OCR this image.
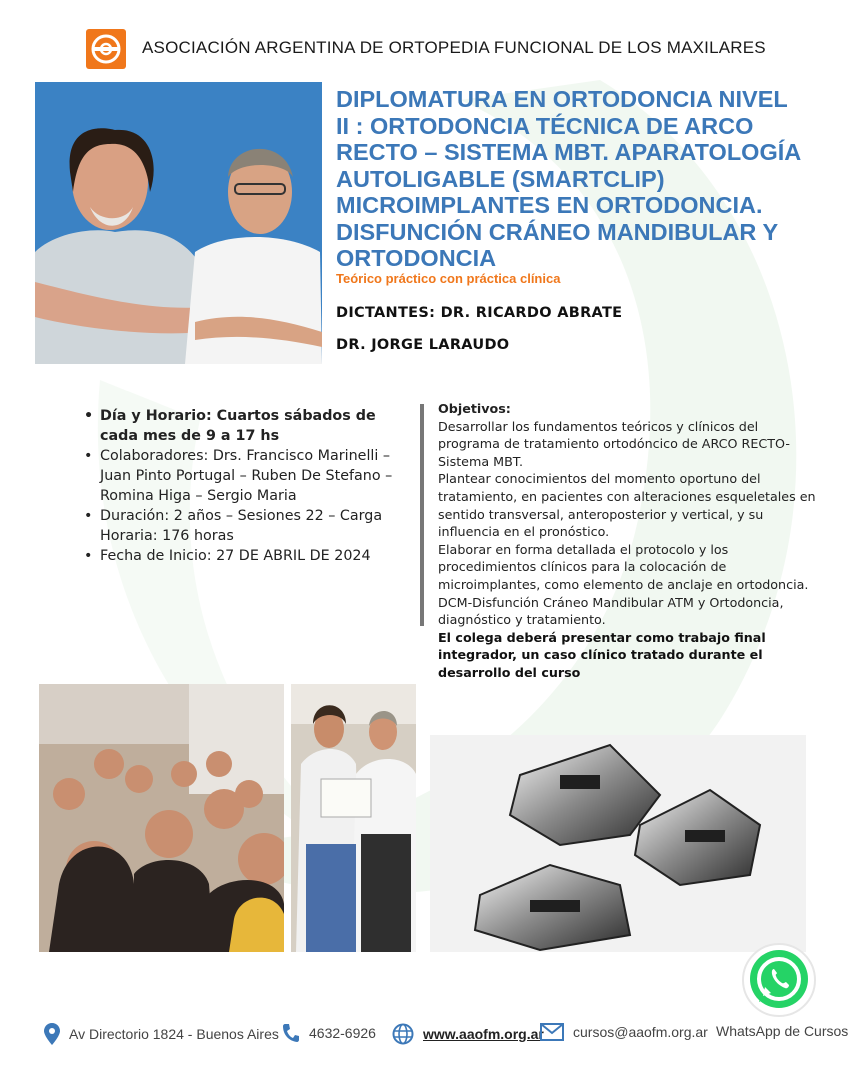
ASOCIACIÓN ARGENTINA DE ORTOPEDIA FUNCIONAL DE LOS MAXILARES
DIPLOMATURA EN ORTODONCIA NIVEL II : ORTODONCIA TÉCNICA DE ARCO RECTO – SISTEMA MBT. APARATOLOGÍA AUTOLIGABLE (SMARTCLIP) MICROIMPLANTES EN ORTODONCIA. DISFUNCIÓN CRÁNEO MANDIBULAR Y ORTODONCIA
Teórico práctico con práctica clínica
DICTANTES: DR. RICARDO ABRATE
DR. JORGE LARAUDO
• Día y Horario: Cuartos sábados de cada mes de 9 a 17 hs
• Colaboradores: Drs. Francisco Marinelli – Juan Pinto Portugal – Ruben De Stefano – Romina Higa – Sergio Maria
• Duración: 2 años – Sesiones 22 – Carga Horaria: 176 horas
• Fecha de Inicio: 27 DE ABRIL DE 2024
Objetivos:
Desarrollar los fundamentos teóricos y clínicos del programa de tratamiento ortodóncico de ARCO RECTO-Sistema MBT.
Plantear conocimientos del momento oportuno del tratamiento, en pacientes con alteraciones esqueletales en sentido transversal, anteroposterior y vertical, y su influencia en el pronóstico.
Elaborar en forma detallada el protocolo y los procedimientos clínicos para la colocación de microimplantes, como elemento de anclaje en ortodoncia.
DCM-Disfunción Cráneo Mandibular ATM y Ortodoncia, diagnóstico y tratamiento.
El colega deberá presentar como trabajo final integrador, un caso clínico tratado durante el desarrollo del curso
Av Directorio 1824 - Buenos Aires 4632-6926	www.aaofm.org.ar cursos@aaofm.org.ar WhatsApp de Cursos
